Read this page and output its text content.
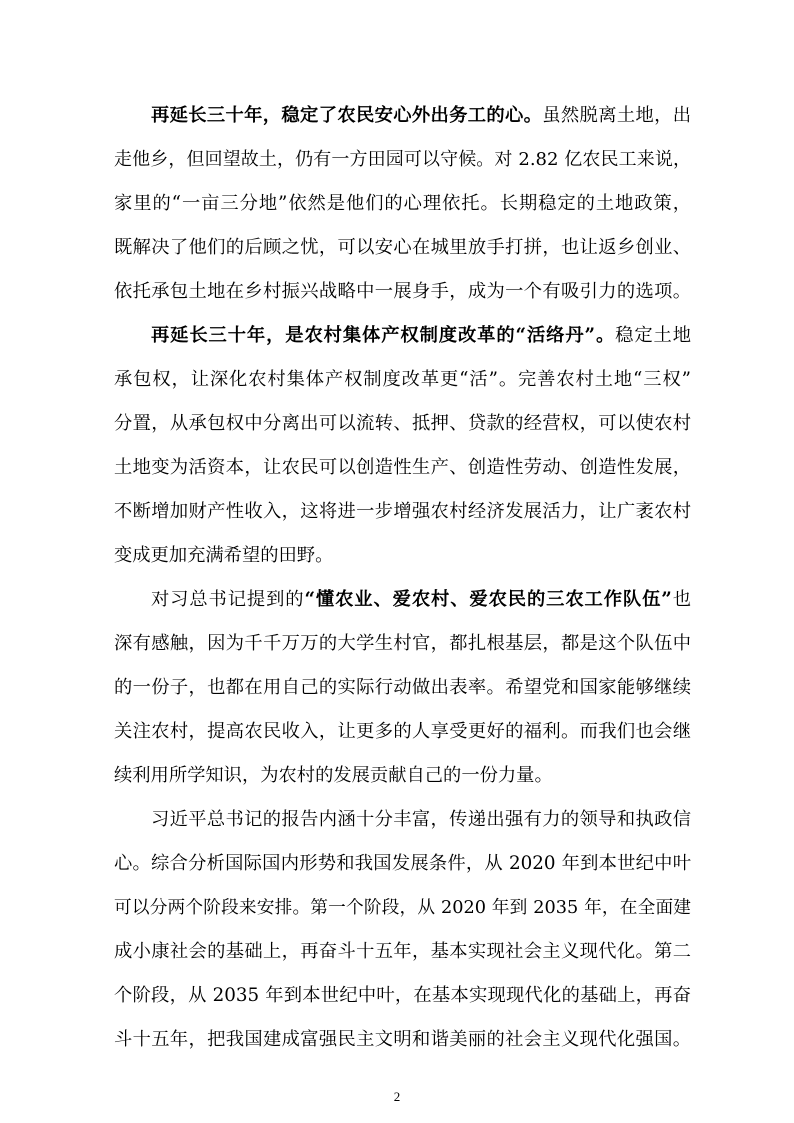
再延长三十年，稳定了农民安心外出务工的心。虽然脱离土地，出

走他乡，但回望故土，仍有一方田园可以守候。对 2.82 亿农民工来说，

家里的“一亩三分地”依然是他们的心理依托。长期稳定的土地政策，

既解决了他们的后顾之忧，可以安心在城里放手打拼，也让返乡创业、

依托承包土地在乡村振兴战略中一展身手，成为一个有吸引力的选项。

再延长三十年，是农村集体产权制度改革的“活络丹”。稳定土地

承包权，让深化农村集体产权制度改革更“活”。完善农村土地“三权”

分置，从承包权中分离出可以流转、抵押、贷款的经营权，可以使农村

土地变为活资本，让农民可以创造性生产、创造性劳动、创造性发展，

不断增加财产性收入，这将进一步增强农村经济发展活力，让广袤农村

变成更加充满希望的田野。

对习总书记提到的“懂农业、爱农村、爱农民的三农工作队伍”也

深有感触，因为千千万万的大学生村官，都扎根基层，都是这个队伍中

的一份子，也都在用自己的实际行动做出表率。希望党和国家能够继续

关注农村，提高农民收入，让更多的人享受更好的福利。而我们也会继

续利用所学知识，为农村的发展贡献自己的一份力量。

习近平总书记的报告内涵十分丰富，传递出强有力的领导和执政信

心。综合分析国际国内形势和我国发展条件，从 2020 年到本世纪中叶

可以分两个阶段来安排。第一个阶段，从 2020 年到 2035 年，在全面建

成小康社会的基础上，再奋斗十五年，基本实现社会主义现代化。第二

个阶段，从 2035 年到本世纪中叶，在基本实现现代化的基础上，再奋

斗十五年，把我国建成富强民主文明和谐美丽的社会主义现代化强国。

2
